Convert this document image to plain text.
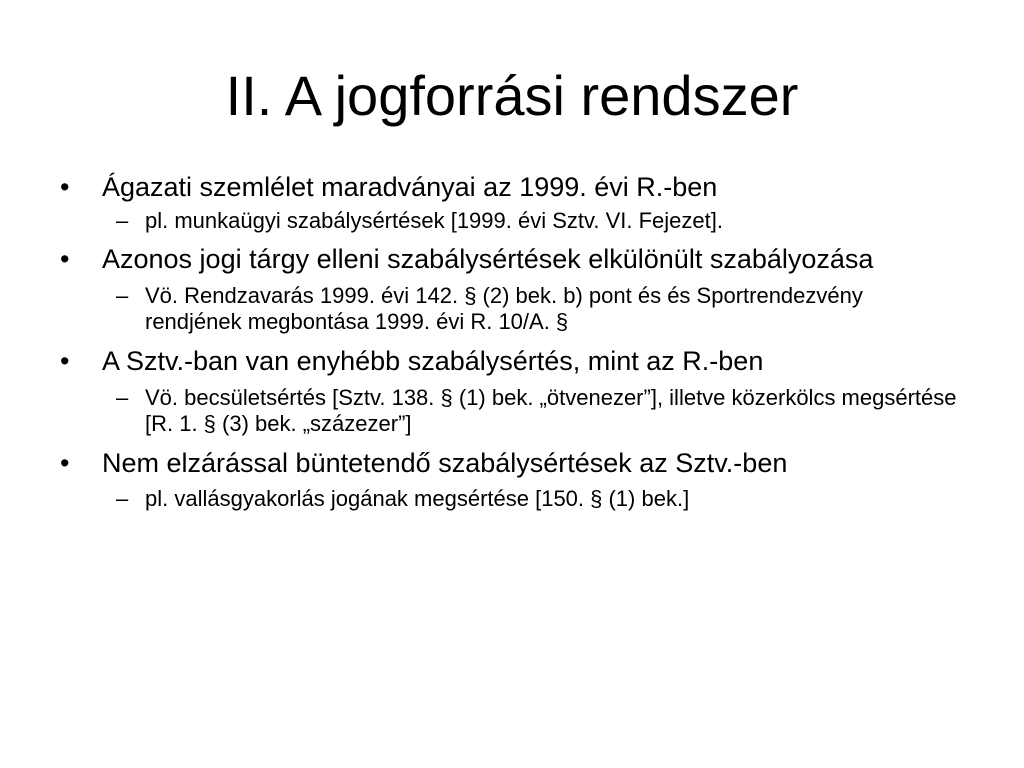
II. A jogforrási rendszer

•	Ágazati szemlélet maradványai az 1999. évi R.-ben

– pl. munkaügyi szabálysértések [1999. évi Sztv. VI. Fejezet].

•	Azonos jogi tárgy elleni szabálysértések elkülönült szabályozása

– Vö. Rendzavarás 1999. évi 142. § (2) bek. b) pont és és Sportrendezvény rendjének megbontása 1999. évi R. 10/A. §

•	A Sztv.-ban van enyhébb szabálysértés, mint az R.-ben

– Vö. becsületsértés [Sztv. 138. § (1) bek. „ötvenezer”], illetve közerkölcs megsértése [R. 1. § (3) bek. „százezer”]

•	Nem elzárással büntetendő szabálysértések az Sztv.-ben

– pl. vallásgyakorlás jogának megsértése [150. § (1) bek.]
